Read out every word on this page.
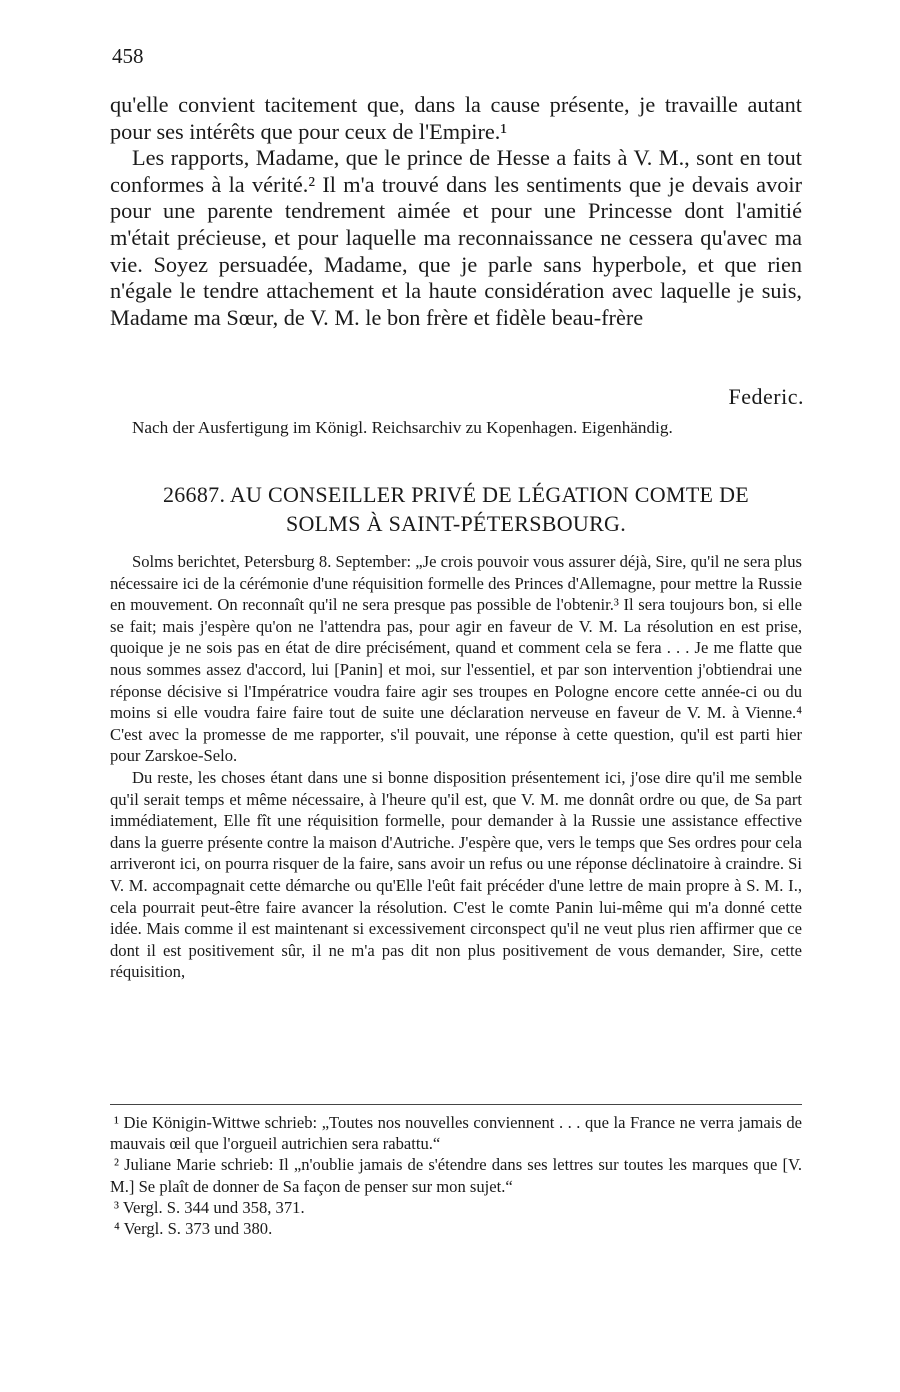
458

qu'elle convient tacitement que, dans la cause présente, je travaille autant pour ses intérêts que pour ceux de l'Empire.¹

Les rapports, Madame, que le prince de Hesse a faits à V. M., sont en tout conformes à la vérité.² Il m'a trouvé dans les sentiments que je devais avoir pour une parente tendrement aimée et pour une Princesse dont l'amitié m'était précieuse, et pour laquelle ma reconnaissance ne cessera qu'avec ma vie. Soyez persuadée, Madame, que je parle sans hyperbole, et que rien n'égale le tendre attachement et la haute considération avec laquelle je suis, Madame ma Sœur, de V. M. le bon frère et fidèle beau-frère

Federic.
Nach der Ausfertigung im Königl. Reichsarchiv zu Kopenhagen. Eigenhändig.
26687. AU CONSEILLER PRIVÉ DE LÉGATION COMTE DE
SOLMS À SAINT-PÉTERSBOURG.

Solms berichtet, Petersburg 8. September: „Je crois pouvoir vous assurer déjà, Sire, qu'il ne sera plus nécessaire ici de la cérémonie d'une réquisition formelle des Princes d'Allemagne, pour mettre la Russie en mouvement. On reconnaît qu'il ne sera presque pas possible de l'obtenir.³ Il sera toujours bon, si elle se fait; mais j'espère qu'on ne l'attendra pas, pour agir en faveur de V. M. La résolution en est prise, quoique je ne sois pas en état de dire précisément, quand et comment cela se fera . . . Je me flatte que nous sommes assez d'accord, lui [Panin] et moi, sur l'essentiel, et par son intervention j'obtiendrai une réponse décisive si l'Impératrice voudra faire agir ses troupes en Pologne encore cette année-ci ou du moins si elle voudra faire faire tout de suite une déclaration nerveuse en faveur de V. M. à Vienne.⁴ C'est avec la promesse de me rapporter, s'il pouvait, une réponse à cette question, qu'il est parti hier pour Zarskoe-Selo.

Du reste, les choses étant dans une si bonne disposition présentement ici, j'ose dire qu'il me semble qu'il serait temps et même nécessaire, à l'heure qu'il est, que V. M. me donnât ordre ou que, de Sa part immédiatement, Elle fît une réquisition formelle, pour demander à la Russie une assistance effective dans la guerre présente contre la maison d'Autriche. J'espère que, vers le temps que Ses ordres pour cela arriveront ici, on pourra risquer de la faire, sans avoir un refus ou une réponse déclinatoire à craindre. Si V. M. accompagnait cette démarche ou qu'Elle l'eût fait précéder d'une lettre de main propre à S. M. I., cela pourrait peut-être faire avancer la résolution. C'est le comte Panin lui-même qui m'a donné cette idée. Mais comme il est maintenant si excessivement circonspect qu'il ne veut plus rien affirmer que ce dont il est positivement sûr, il ne m'a pas dit non plus positivement de vous demander, Sire, cette réquisition,

¹ Die Königin-Wittwe schrieb: „Toutes nos nouvelles conviennent . . . que la France ne verra jamais de mauvais œil que l'orgueil autrichien sera rabattu.“

² Juliane Marie schrieb: Il „n'oublie jamais de s'étendre dans ses lettres sur toutes les marques que [V. M.] Se plaît de donner de Sa façon de penser sur mon sujet.“

³ Vergl. S. 344 und 358, 371.

⁴ Vergl. S. 373 und 380.
